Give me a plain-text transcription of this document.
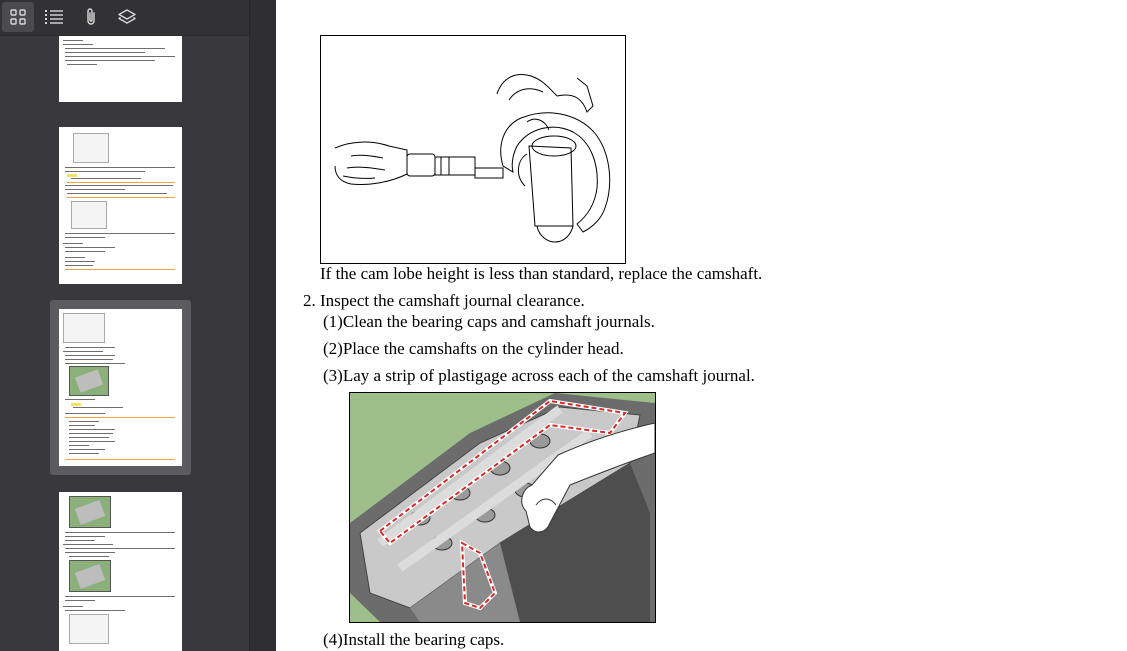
If the cam lobe height is less than standard, replace the camshaft.
2. Inspect the camshaft journal clearance.
(1)Clean the bearing caps and camshaft journals.
(2)Place the camshafts on the cylinder head.
(3)Lay a strip of plastigage across each of the camshaft journal.
(4)Install the bearing caps.
